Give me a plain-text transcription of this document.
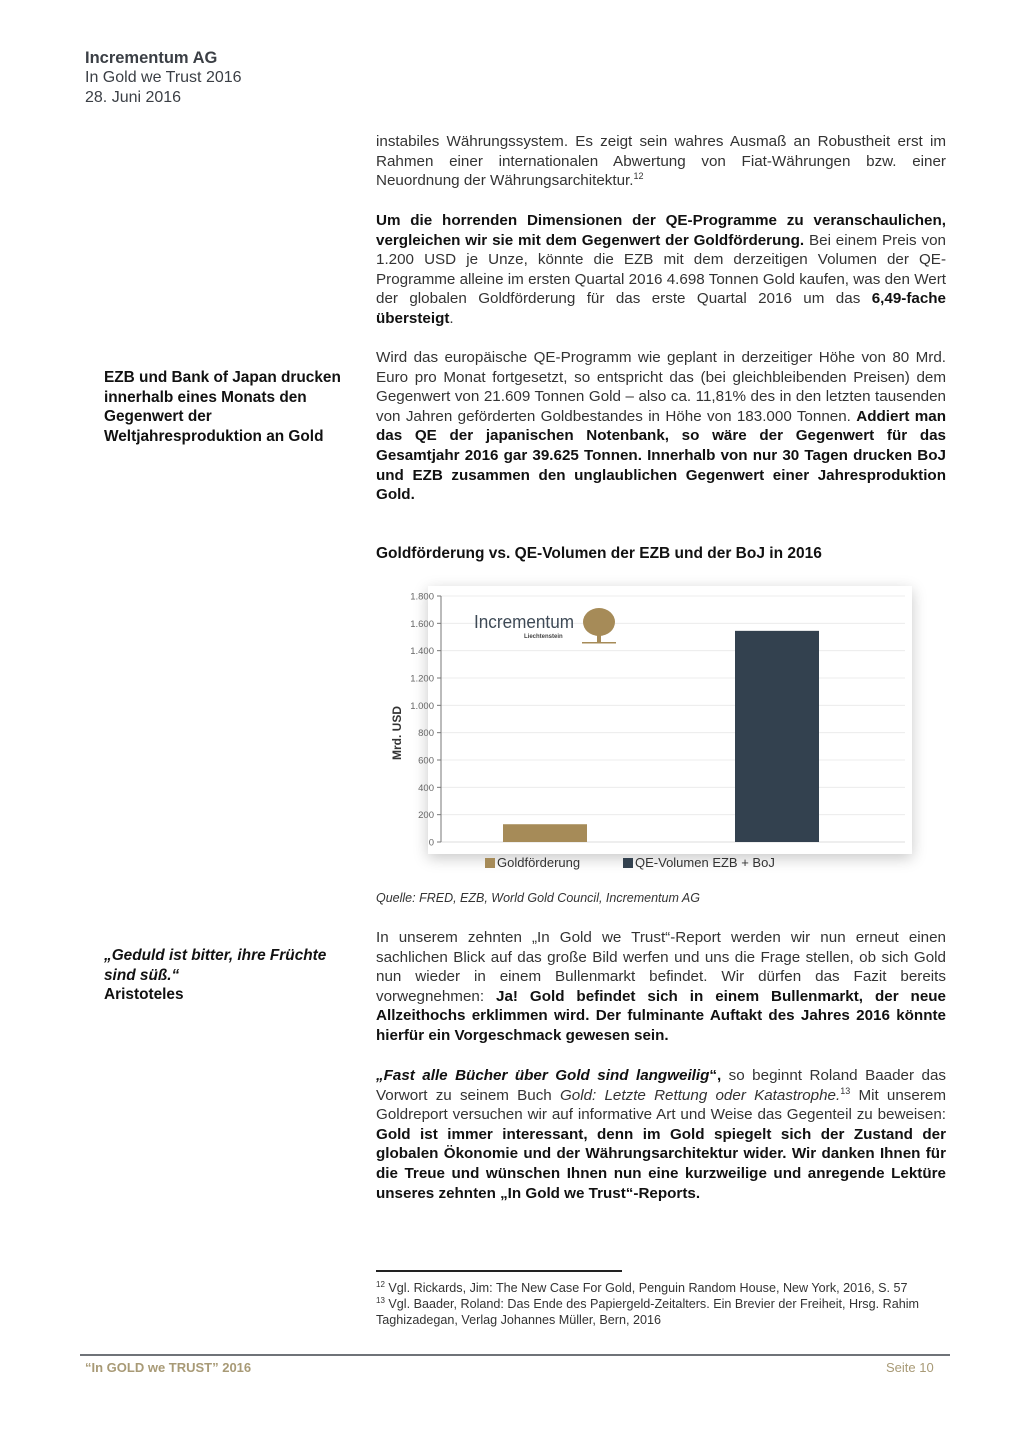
Incrementum AG
In Gold we Trust 2016
28. Juni 2016

instabiles Währungssystem. Es zeigt sein wahres Ausmaß an Robustheit erst im Rahmen einer internationalen Abwertung von Fiat-Währungen bzw. einer Neuordnung der Währungsarchitektur.$^{12}$

Um die horrenden Dimensionen der QE-Programme zu veranschaulichen, vergleichen wir sie mit dem Gegenwert der Goldförderung. Bei einem Preis von 1.200 USD je Unze, könnte die EZB mit dem derzeitigen Volumen der QE-Programme alleine im ersten Quartal 2016 4.698 Tonnen Gold kaufen, was den Wert der globalen Goldförderung für das erste Quartal 2016 um das 6,49-fache übersteigt.

EZB und Bank of Japan drucken innerhalb eines Monats den Gegenwert der Weltjahresproduktion an Gold

Wird das europäische QE-Programm wie geplant in derzeitiger Höhe von 80 Mrd. Euro pro Monat fortgesetzt, so entspricht das (bei gleichbleibenden Preisen) dem Gegenwert von 21.609 Tonnen Gold – also ca. 11,81% des in den letzten tausenden von Jahren geförderten Goldbestandes in Höhe von 183.000 Tonnen. Addiert man das QE der japanischen Notenbank, so wäre der Gegenwert für das Gesamtjahr 2016 gar 39.625 Tonnen. Innerhalb von nur 30 Tagen drucken BoJ und EZB zusammen den unglaublichen Gegenwert einer Jahresproduktion Gold.

Goldförderung vs. QE-Volumen der EZB und der BoJ in 2016
0
200
400
600
800
1.000
1.200
1.400
1.600
1.800
Mrd. USD
Incrementum
Liechtenstein
Goldförderung	QE-Volumen EZB + BoJ
Quelle: FRED, EZB, World Gold Council, Incrementum AG
„Geduld ist bitter, ihre Früchte sind süß.“
Aristoteles

In unserem zehnten „In Gold we Trust“-Report werden wir nun erneut einen sachlichen Blick auf das große Bild werfen und uns die Frage stellen, ob sich Gold nun wieder in einem Bullenmarkt befindet. Wir dürfen das Fazit bereits vorwegnehmen: Ja! Gold befindet sich in einem Bullenmarkt, der neue Allzeithochs erklimmen wird. Der fulminante Auftakt des Jahres 2016 könnte hierfür ein Vorgeschmack gewesen sein.

„Fast alle Bücher über Gold sind langweilig“, so beginnt Roland Baader das Vorwort zu seinem Buch Gold: Letzte Rettung oder Katastrophe.$^{13}$ Mit unserem Goldreport versuchen wir auf informative Art und Weise das Gegenteil zu beweisen: Gold ist immer interessant, denn im Gold spiegelt sich der Zustand der globalen Ökonomie und der Währungsarchitektur wider. Wir danken Ihnen für die Treue und wünschen Ihnen nun eine kurzweilige und anregende Lektüre unseres zehnten „In Gold we Trust“-Reports.

$^{12}$ Vgl. Rickards, Jim: The New Case For Gold, Penguin Random House, New York, 2016, S. 57

$^{13}$ Vgl. Baader, Roland: Das Ende des Papiergeld-Zeitalters. Ein Brevier der Freiheit, Hrsg. Rahim Taghizadegan, Verlag Johannes Müller, Bern, 2016

“In GOLD we TRUST” 2016	Seite 10
